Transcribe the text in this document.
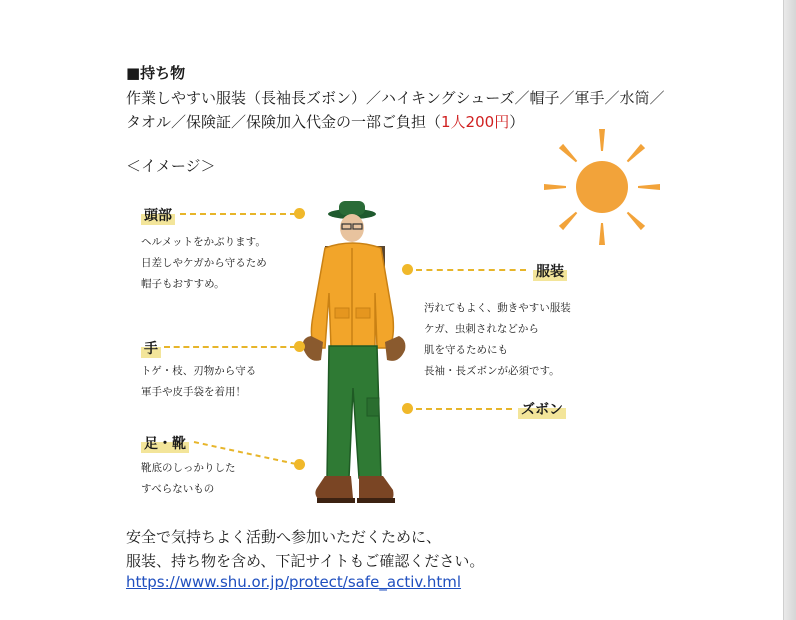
■持ち物
作業しやすい服装（長袖長ズボン）／ハイキングシューズ／帽子／軍手／水筒／
タオル／保険証／保険加入代金の一部ご負担（1人200円）
＜イメージ＞
頭部
ヘルメットをかぶります。
日差しやケガから守るため
帽子もおすすめ。
服装
汚れてもよく、動きやすい服装
ケガ、虫刺されなどから
肌を守るためにも
長袖・長ズボンが必須です。
手
トゲ・枝、刃物から守る
軍手や皮手袋を着用！
ズボン
足・靴
靴底のしっかりした
すべらないもの
安全で気持ちよく活動へ参加いただくために、
服装、持ち物を含め、下記サイトもご確認ください。
https://www.shu.or.jp/protect/safe_activ.html
